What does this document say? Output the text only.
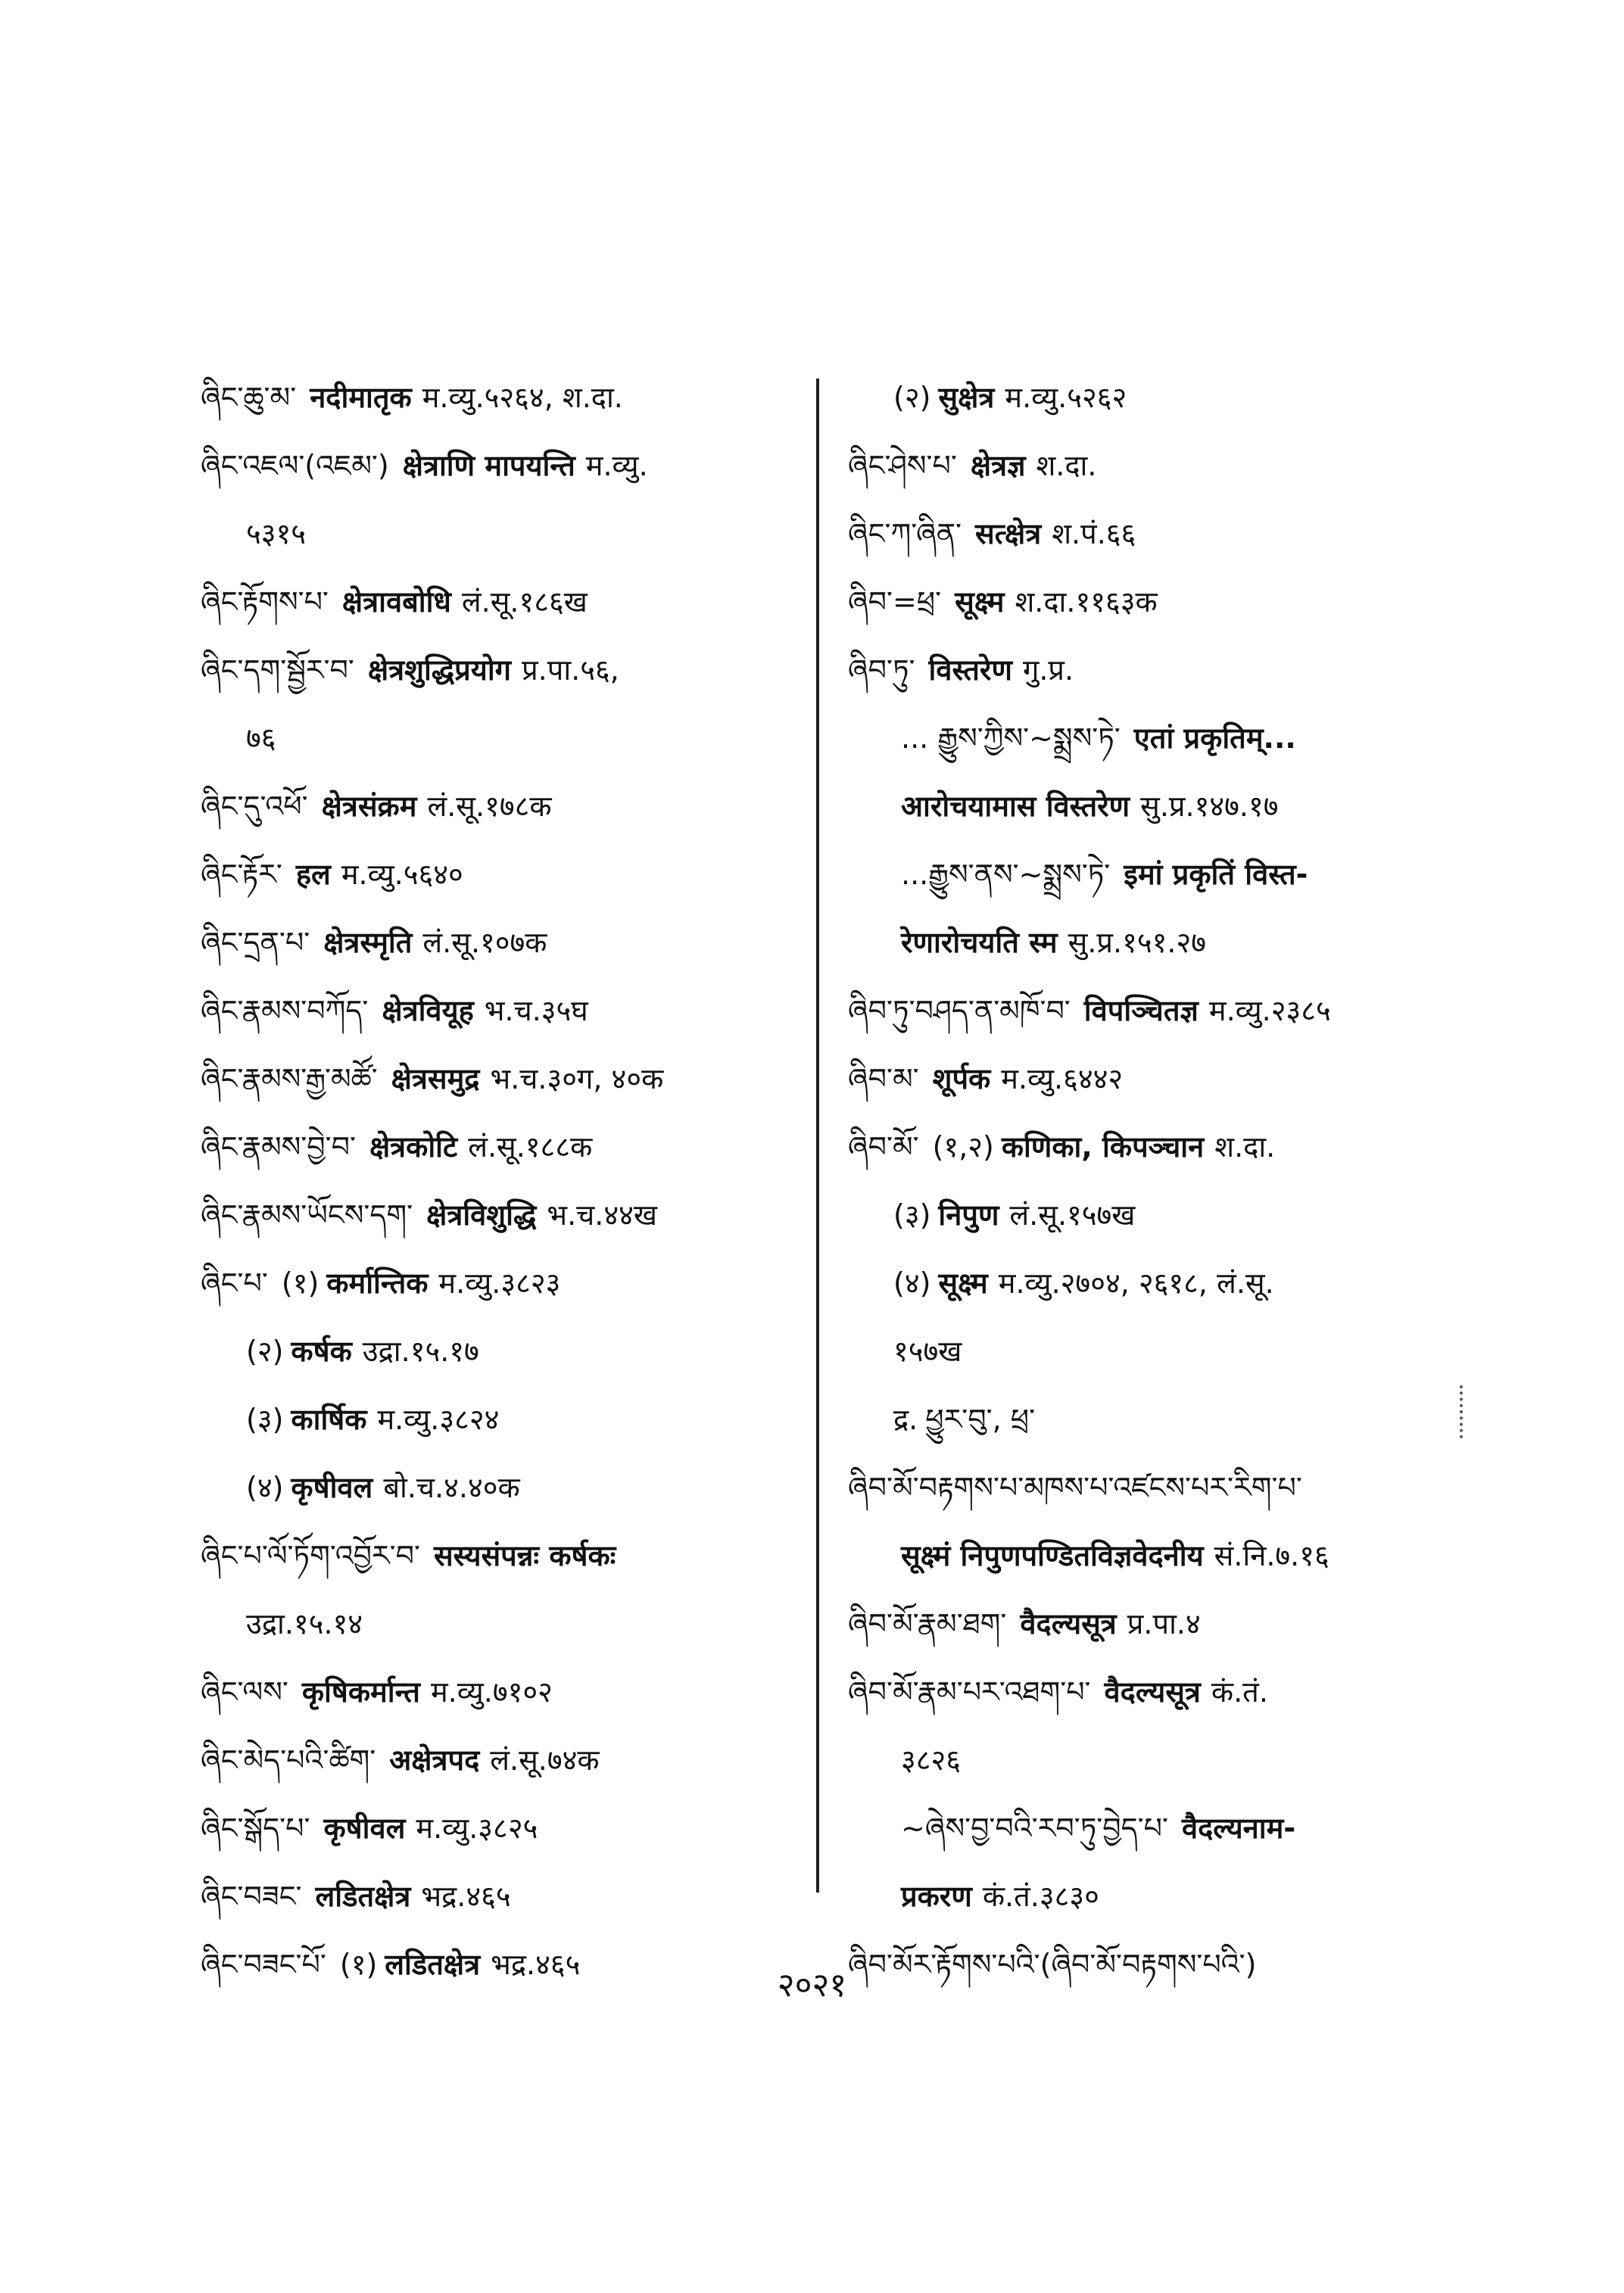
ཞིང་ཆུ་མ་ नदीमातृक म.व्यु.५२६४, श.दा.
ཞིང་འཇལ་(འཇམ་) क्षेत्राणि मापयन्ति म.व्यु.
५३१५
ཞིང་རྟོགས་པ་ क्षेत्रावबोधि लं.सू.१८६ख
ཞིང་དག་སྦྱོར་བ་ क्षेत्रशुद्धिप्रयोग प्र.पा.५६,
७६
ཞིང་དུ་འཕོ་ क्षेत्रसंक्रम लं.सू.१७८क
ཞིང་རྟོར་ हल म.व्यु.५६४०
ཞིང་དྲན་པ་ क्षेत्रस्मृति लं.सू.१०७क
ཞིང་རྣམས་བཀོད་ क्षेत्रवियूह भ.च.३५घ
ཞིང་རྣམས་རྒྱ་མཚོ་ क्षेत्रसमुद्र भ.च.३०ग, ४०क
ཞིང་རྣམས་བྱེ་བ་ क्षेत्रकोटि लं.सू.१८८क
ཞིང་རྣམས་ཡོངས་དག་ क्षेत्रविशुद्धि भ.च.४४ख
ཞིང་པ་ (१) कर्मान्तिक म.व्यु.३८२३
(२) कर्षक उद्रा.१५.१७
(३) कार्षिक म.व्यु.३८२४
(४) कृषीवल बो.च.४.४०क
ཞིང་པ་ལོ་ཏོག་འབྱོར་བ་ सस्यसंपन्नः कर्षकः
उद्रा.१५.१४
ཞིང་ལས་ कृषिकर्मान्त म.व्यु.७१०२
ཞིང་མེད་པའི་ཚིག་ अक्षेत्रपद लं.सू.७४क
ཞིང་སྒོད་པ་ कृषीवल म.व्यु.३८२५
ཞིང་བཟང་ लडितक्षेत्र भद्र.४६५
ཞིང་བཟང་པོ་ (१) लडितक्षेत्र भद्र.४६५
(२) सुक्षेत्र म.व्यु.५२६२
ཞིང་ཤེས་པ་ क्षेत्रज्ञ श.दा.
ཞིང་ཀ་ཞིན་ सत्क्षेत्र श.पं.६६
ཞིབ་=ཕྲ་ सूक्ष्म श.दा.११६३क
ཞིབ་ཏུ་ विस्तरेण गु.प्र.
... རྒྱུས་ཀྱིས་~སྨྲས་ཏེ་ एतां प्रकृतिम्...
आरोचयामास विस्तरेण सु.प्र.१४७.१७
...རྒྱུས་ནས་~སྨྲས་ཏེ་ इमां प्रकृतिं विस्त-
रेणारोचयति स्म सु.प्र.१५१.२७
ཞིབ་ཏུ་བཤད་ན་མཁོ་བ་ विपञ्चितज्ञ म.व्यु.२३८५
ཞིབ་མ་ शूर्पक म.व्यु.६४४२
ཞིབ་མོ་ (१,२) कणिका, किपञ्चान श.दा.
(३) निपुण लं.सू.१५७ख
(४) सूक्ष्म म.व्यु.२७०४, २६१८, लं.सू.
१५७ख
द्र. ཕྱུར་བུ་, ཕྲ་
ཞིབ་མོ་བརྟགས་པ་མཁས་པ་འཛངས་པར་རིག་པ་
सूक्ष्मं निपुणपण्डितविज्ञवेदनीय सं.नि.७.१६
ཞིབ་མོ་རྣམ་ཐག་ वैदल्यसूत्र प्र.पा.४
ཞིབ་མོ་རྣམ་པར་འཐག་པ་ वैदल्यसूत्र कं.तं.
३८२६
~ཞེས་བྱ་བའི་རབ་ཏུ་བྱེད་པ་ वैदल्यनाम-
प्रकरण कं.तं.३८३०
ཞིབ་མོར་རྟོགས་པའི་(ཞིབ་མོ་བརྟགས་པའི་)
२०२१
